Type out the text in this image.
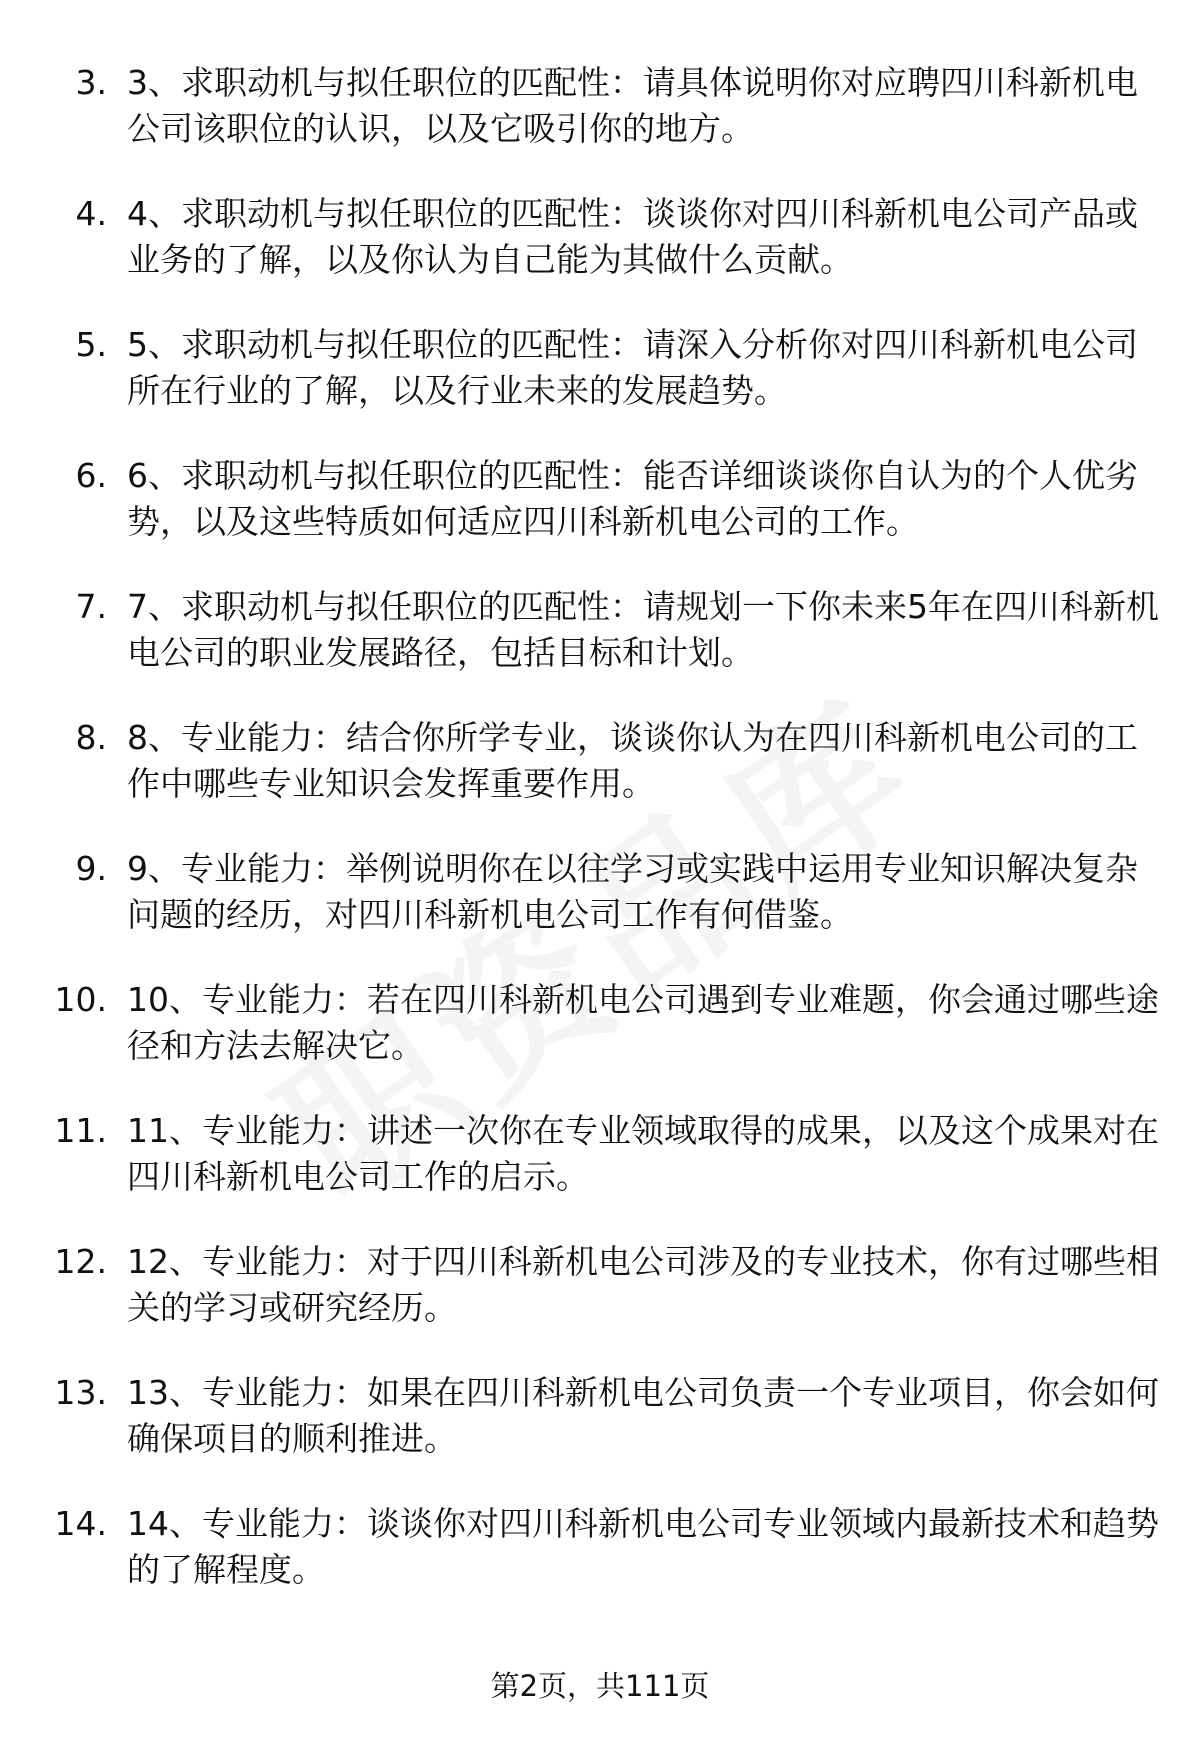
3. 3、求职动机与拟任职位的匹配性：请具体说明你对应聘四川科新机电公司该职位的认识，以及它吸引你的地方。
4. 4、求职动机与拟任职位的匹配性：谈谈你对四川科新机电公司产品或业务的了解，以及你认为自己能为其做什么贡献。
5. 5、求职动机与拟任职位的匹配性：请深入分析你对四川科新机电公司所在行业的了解，以及行业未来的发展趋势。
6. 6、求职动机与拟任职位的匹配性：能否详细谈谈你自认为的个人优劣势，以及这些特质如何适应四川科新机电公司的工作。
7. 7、求职动机与拟任职位的匹配性：请规划一下你未来5年在四川科新机电公司的职业发展路径，包括目标和计划。
8. 8、专业能力：结合你所学专业，谈谈你认为在四川科新机电公司的工作中哪些专业知识会发挥重要作用。
9. 9、专业能力：举例说明你在以往学习或实践中运用专业知识解决复杂问题的经历，对四川科新机电公司工作有何借鉴。
10. 10、专业能力：若在四川科新机电公司遇到专业难题，你会通过哪些途径和方法去解决它。
11. 11、专业能力：讲述一次你在专业领域取得的成果，以及这个成果对在四川科新机电公司工作的启示。
12. 12、专业能力：对于四川科新机电公司涉及的专业技术，你有过哪些相关的学习或研究经历。
13. 13、专业能力：如果在四川科新机电公司负责一个专业项目，你会如何确保项目的顺利推进。
14. 14、专业能力：谈谈你对四川科新机电公司专业领域内最新技术和趋势的了解程度。
第2页，共111页
